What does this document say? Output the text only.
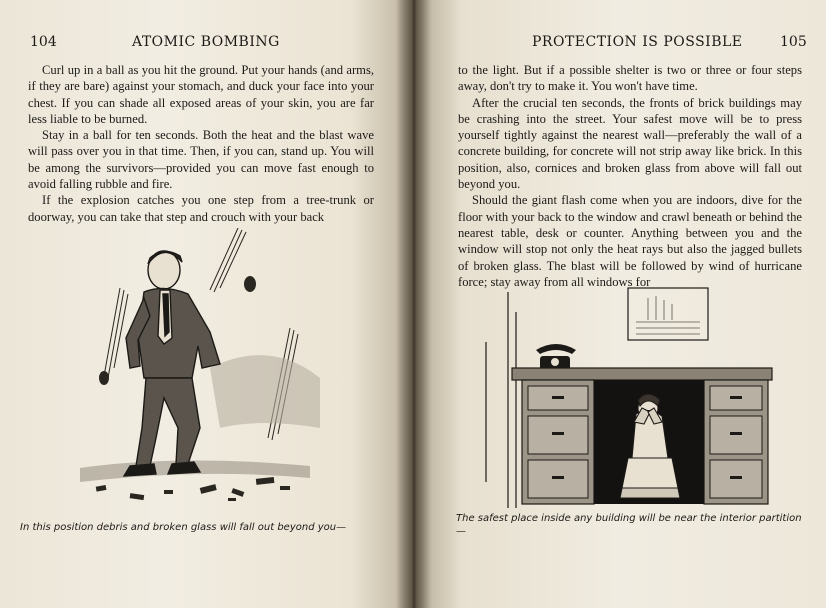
104	ATOMIC BOMBING

Curl up in a ball as you hit the ground. Put your hands (and arms, if they are bare) against your stomach, and duck your face into your chest. If you can shade all exposed areas of your skin, you are far less liable to be burned.

Stay in a ball for ten seconds. Both the heat and the blast wave will pass over you in that time. Then, if you can, stand up. You will be among the survivors—provided you can move fast enough to avoid falling rubble and fire.

If the explosion catches you one step from a tree-trunk or doorway, you can take that step and crouch with your back

In this position debris and broken glass will fall out beyond you—
PROTECTION IS POSSIBLE	105

to the light. But if a possible shelter is two or three or four steps away, don't try to make it. You won't have time.

After the crucial ten seconds, the fronts of brick buildings may be crashing into the street. Your safest move will be to press yourself tightly against the nearest wall—preferably the wall of a concrete building, for concrete will not strip away like brick. In this position, also, cornices and broken glass from above will fall out beyond you.

Should the giant flash come when you are indoors, dive for the floor with your back to the window and crawl beneath or behind the nearest table, desk or counter. Anything between you and the window will stop not only the heat rays but also the jagged bullets of broken glass. The blast will be followed by wind of hurricane force; stay away from all windows for

The safest place inside any building will be near the interior partition—
